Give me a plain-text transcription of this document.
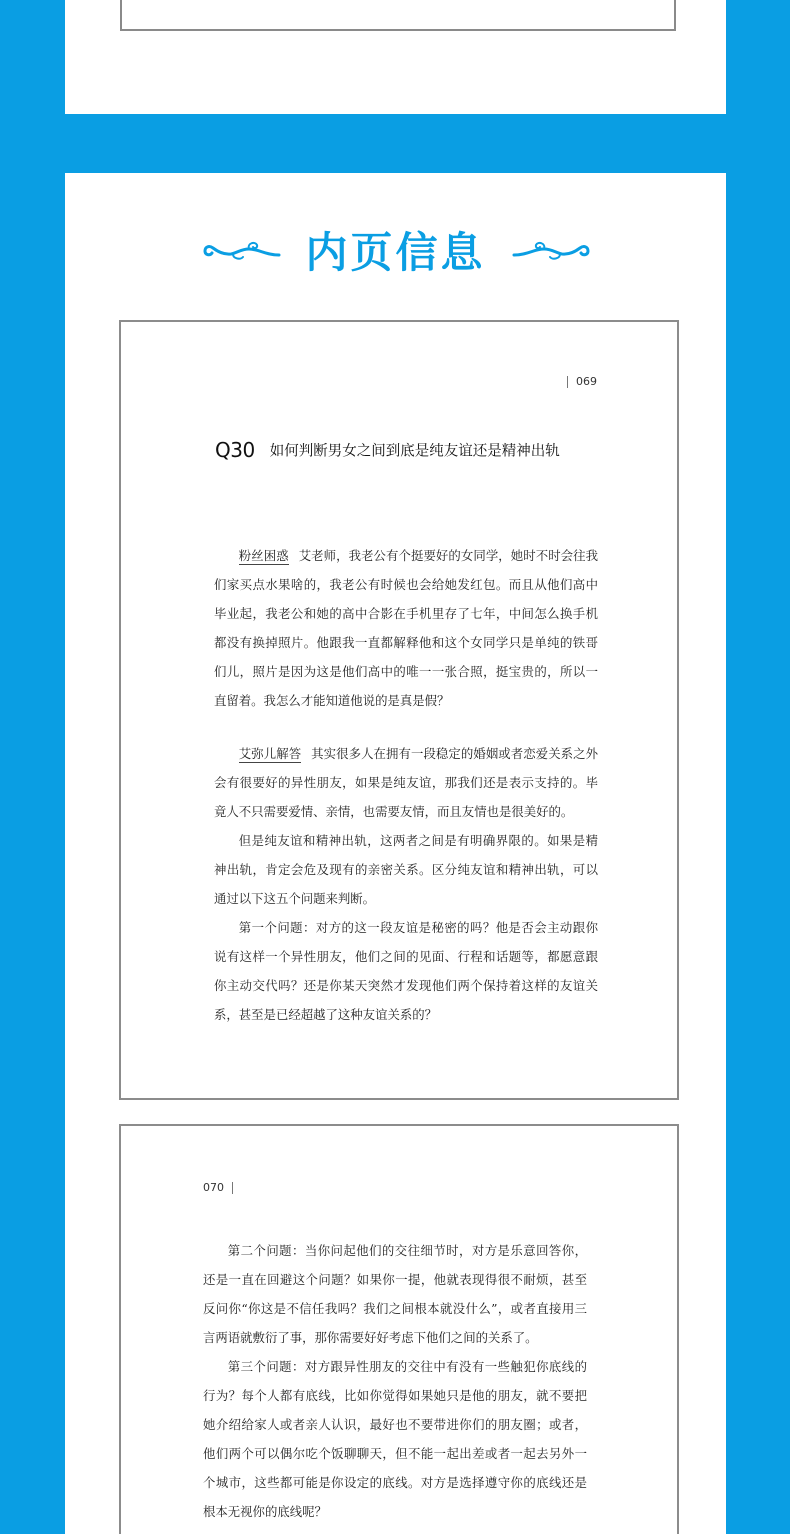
内页信息
069
Q30 如何判断男女之间到底是纯友谊还是精神出轨

粉丝困惑 艾老师，我老公有个挺要好的女同学，她时不时会往我们家买点水果啥的，我老公有时候也会给她发红包。而且从他们高中毕业起，我老公和她的高中合影在手机里存了七年，中间怎么换手机都没有换掉照片。他跟我一直都解释他和这个女同学只是单纯的铁哥们儿，照片是因为这是他们高中的唯一一张合照，挺宝贵的，所以一直留着。我怎么才能知道他说的是真是假？

艾弥儿解答 其实很多人在拥有一段稳定的婚姻或者恋爱关系之外会有很要好的异性朋友，如果是纯友谊，那我们还是表示支持的。毕竟人不只需要爱情、亲情，也需要友情，而且友情也是很美好的。

但是纯友谊和精神出轨，这两者之间是有明确界限的。如果是精神出轨，肯定会危及现有的亲密关系。区分纯友谊和精神出轨，可以通过以下这五个问题来判断。

第一个问题：对方的这一段友谊是秘密的吗？他是否会主动跟你说有这样一个异性朋友，他们之间的见面、行程和话题等，都愿意跟你主动交代吗？还是你某天突然才发现他们两个保持着这样的友谊关系，甚至是已经超越了这种友谊关系的？

070

第二个问题：当你问起他们的交往细节时，对方是乐意回答你，还是一直在回避这个问题？如果你一提，他就表现得很不耐烦，甚至反问你“你这是不信任我吗？我们之间根本就没什么”，或者直接用三言两语就敷衍了事，那你需要好好考虑下他们之间的关系了。

第三个问题：对方跟异性朋友的交往中有没有一些触犯你底线的行为？每个人都有底线，比如你觉得如果她只是他的朋友，就不要把她介绍给家人或者亲人认识，最好也不要带进你们的朋友圈；或者，他们两个可以偶尔吃个饭聊聊天，但不能一起出差或者一起去另外一个城市，这些都可能是你设定的底线。对方是选择遵守你的底线还是根本无视你的底线呢？
